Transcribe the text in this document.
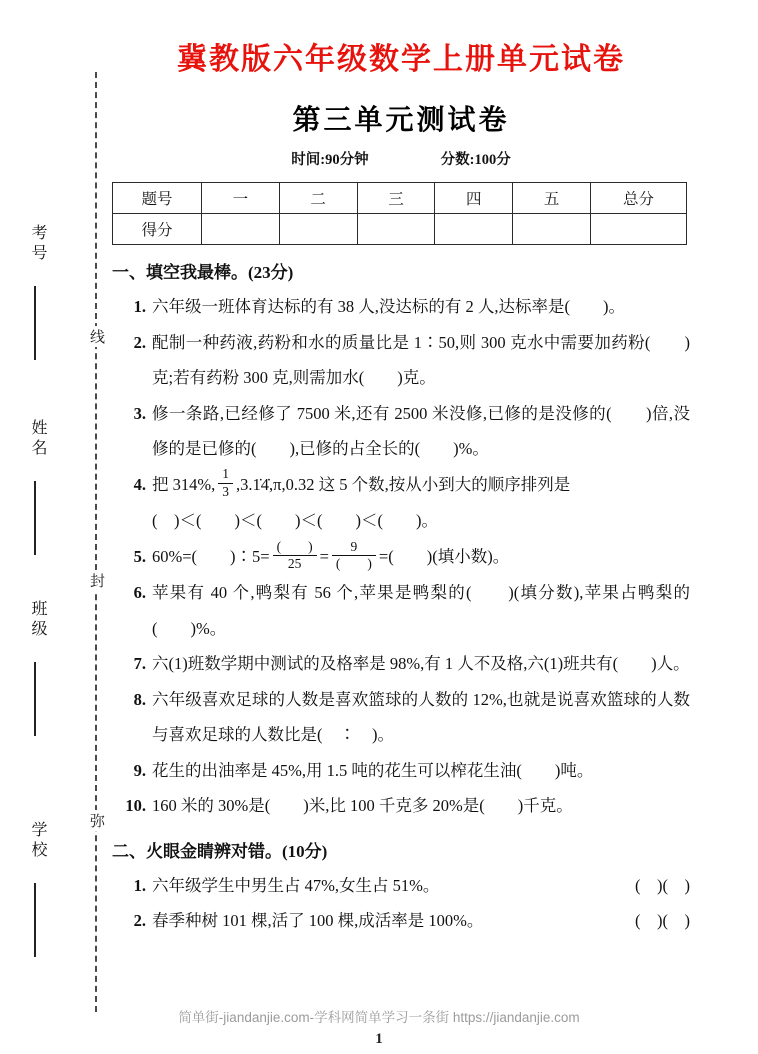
考号
姓名
班级
学校
线
封
弥
冀教版六年级数学上册单元试卷
第三单元测试卷
时间:90分钟	分数:100分
题号	一	二	三	四	五	总分
得分						
一、填空我最棒。(23分)
1. 六年级一班体育达标的有 38 人,没达标的有 2 人,达标率是(　　)。
2. 配制一种药液,药粉和水的质量比是 1∶50,则 300 克水中需要加药粉(　　)克;若有药粉 300 克,则需加水(　　)克。
3. 修一条路,已经修了 7500 米,还有 2500 米没修,已修的是没修的(　　)倍,没修的是已修的(　　),已修的占全长的(　　)%。
4. 把 314%, $\frac{1}{3}$ ,3.1̇4̇,π,0.32 这 5 个数,按从小到大的顺序排列是
(　)＜(　　)＜(　　)＜(　　)＜(　　)。
5. 60%=(　　)∶5= $\frac{( )}{25} = \frac{9}{( )}$ =(　　)(填小数)。
6. 苹果有 40 个,鸭梨有 56 个,苹果是鸭梨的(　　)(填分数),苹果占鸭梨的(　　)%。
7. 六(1)班数学期中测试的及格率是 98%,有 1 人不及格,六(1)班共有(　　)人。
8. 六年级喜欢足球的人数是喜欢篮球的人数的 12%,也就是说喜欢篮球的人数与喜欢足球的人数比是(　∶　)。
9. 花生的出油率是 45%,用 1.5 吨的花生可以榨花生油(　　)吨。
10. 160 米的 30%是(　　)米,比 100 千克多 20%是(　　)千克。
二、火眼金睛辨对错。(10分)
1.	(　)(　)
六年级学生中男生占 47%,女生占 51%。
2.	(　)(　)
春季种树 101 棵,活了 100 棵,成活率是 100%。
简单街-jiandanjie.com-学科网简单学习一条街 https://jiandanjie.com
1
